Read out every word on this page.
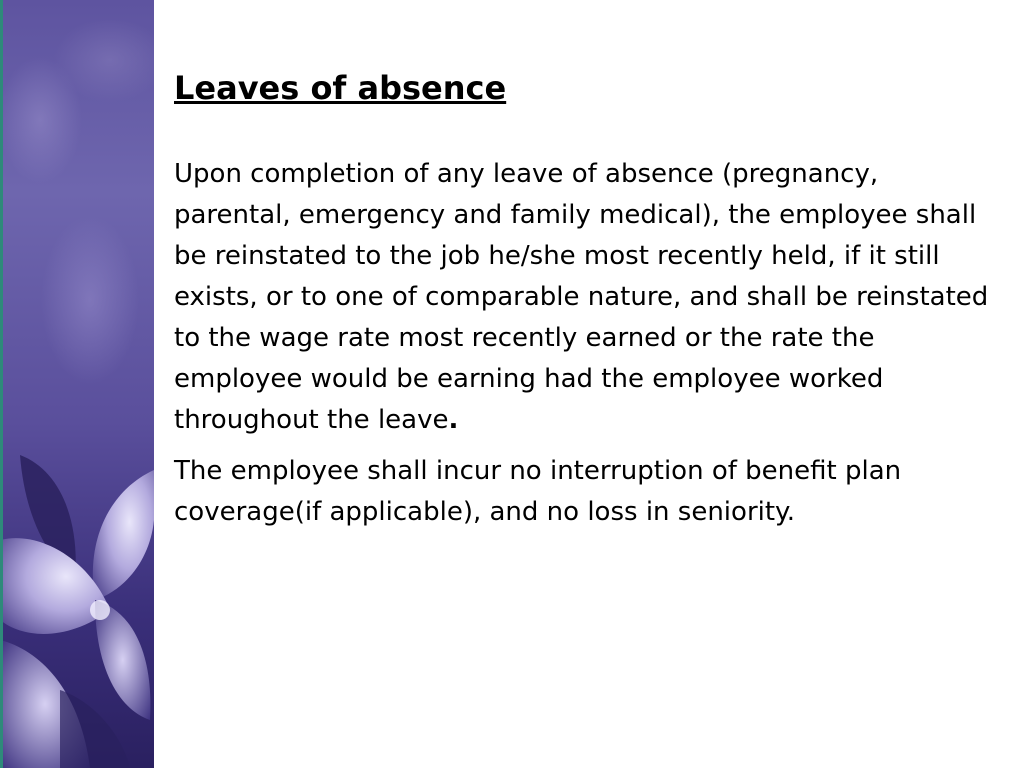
Leaves of absence

Upon completion of any leave of absence (pregnancy, parental, emergency and family medical), the employee shall be reinstated to the job he/she most recently held, if it still exists, or to one of comparable nature, and shall be reinstated to the wage rate most recently earned or the rate the employee would be earning had the employee worked throughout the leave.

The employee shall incur no interruption of benefit plan coverage(if applicable), and no loss in seniority.
